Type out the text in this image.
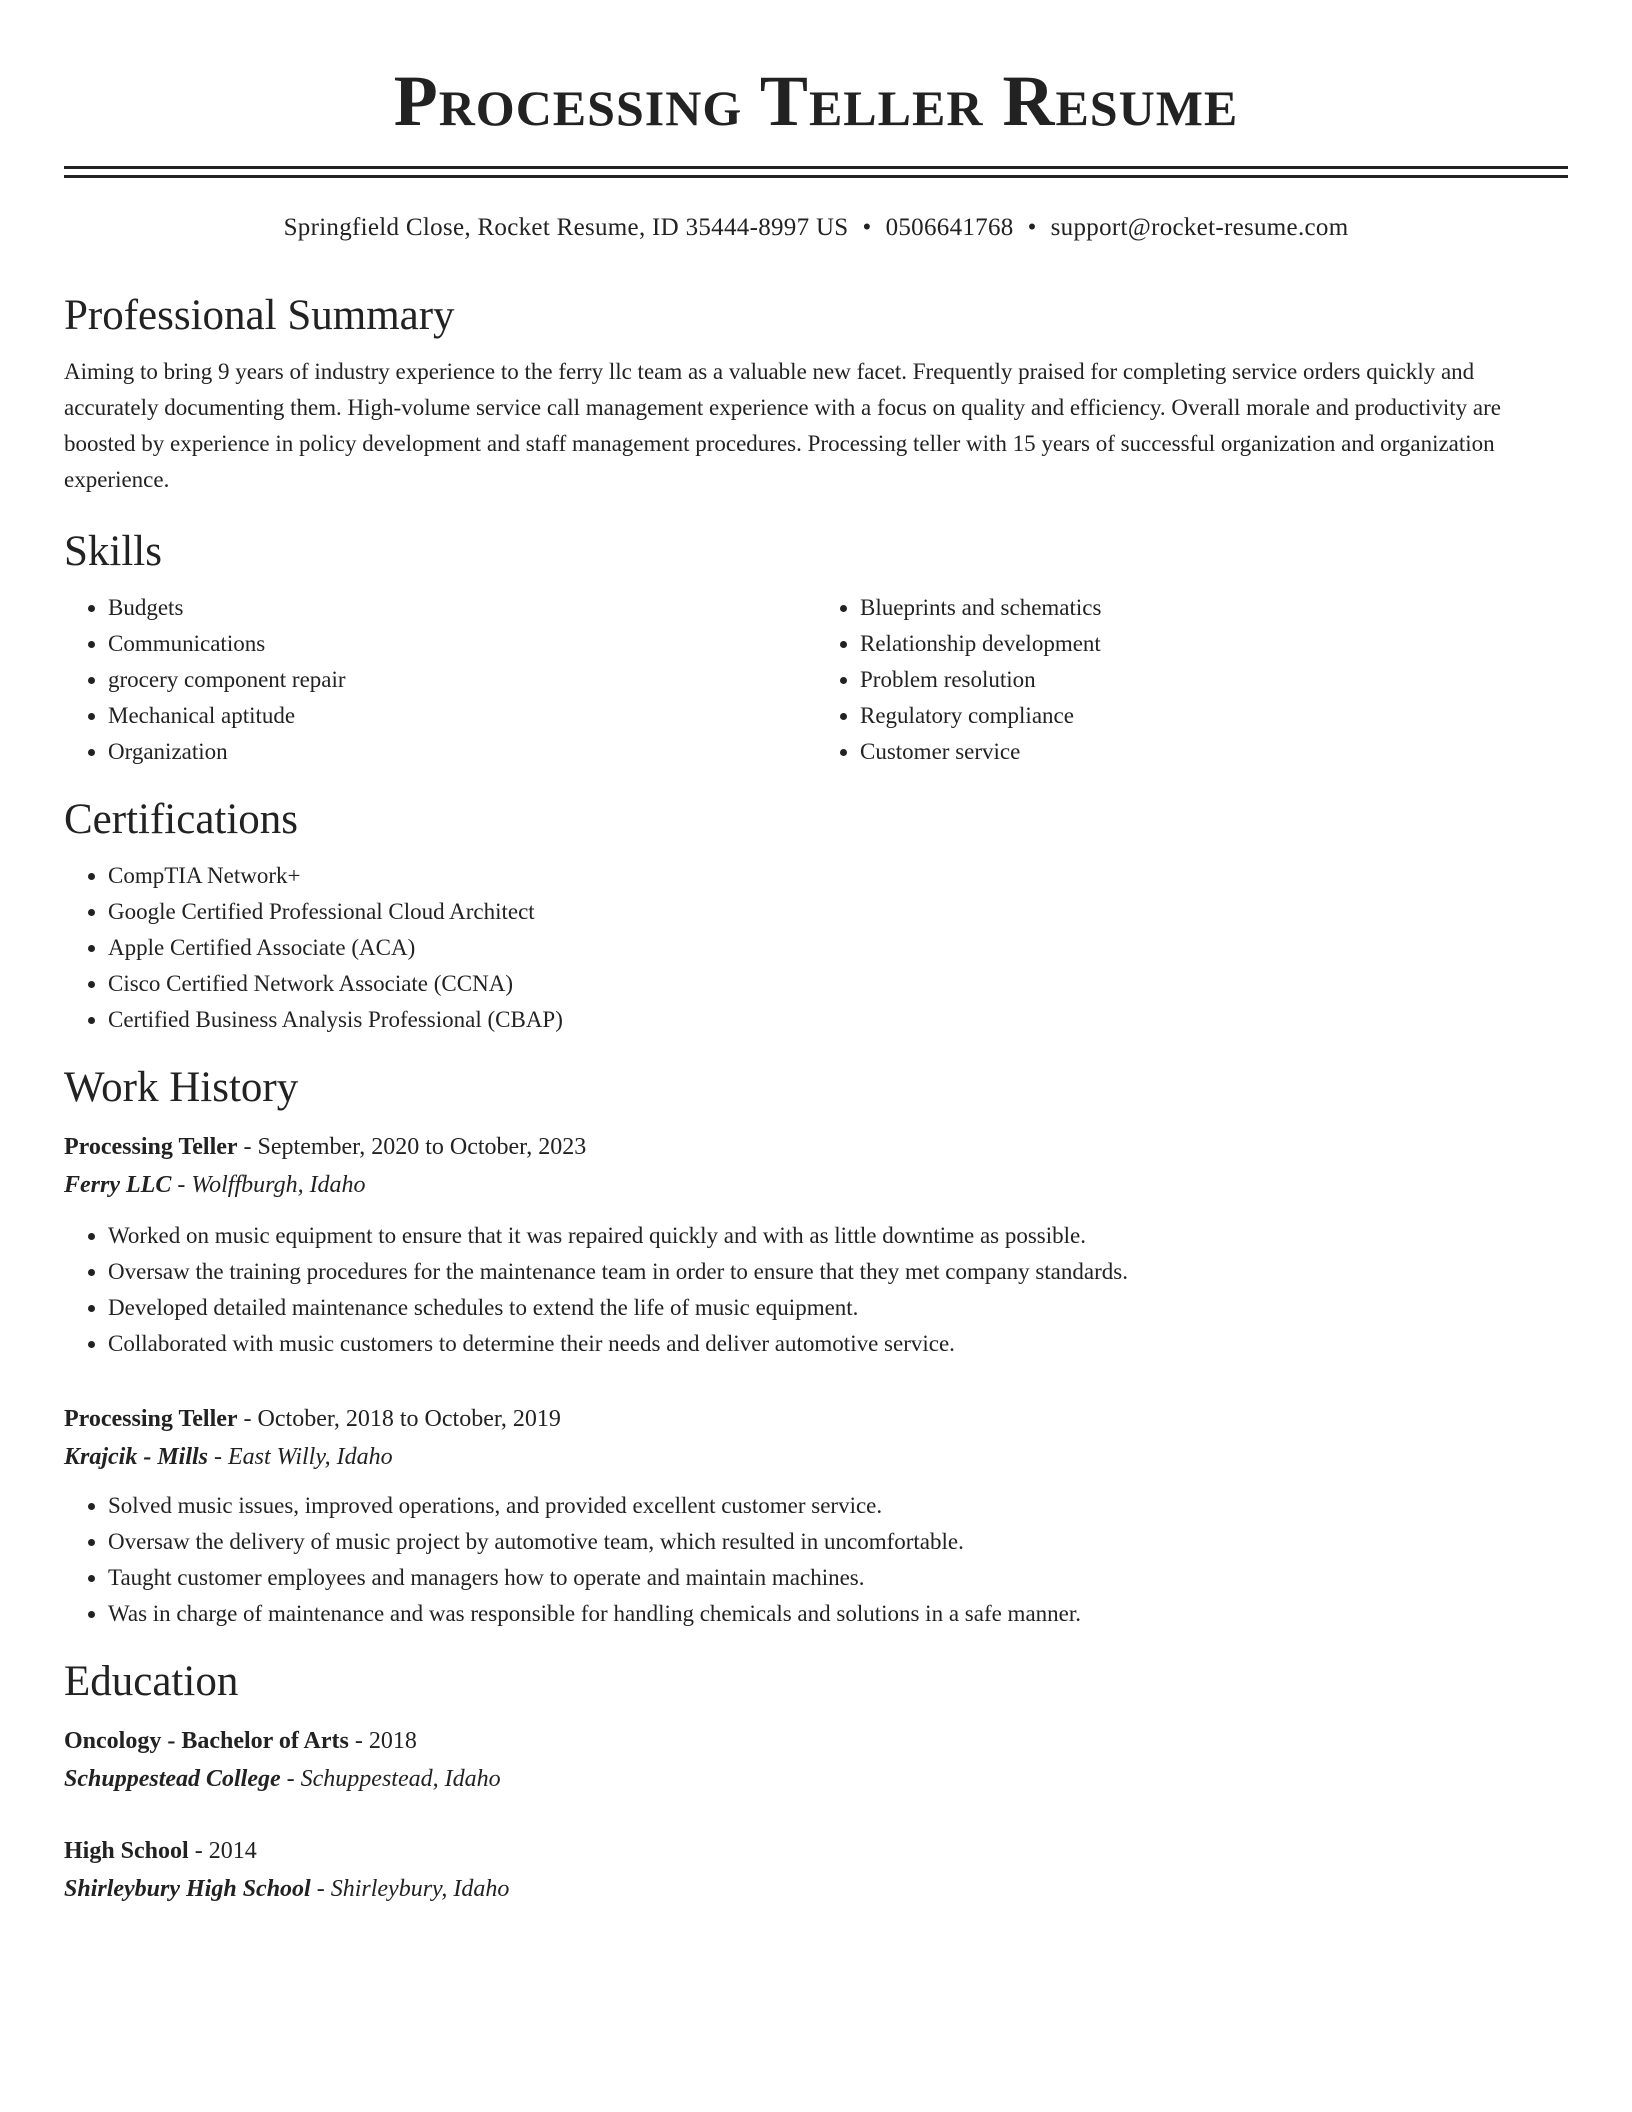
Processing Teller Resume
Springfield Close, Rocket Resume, ID 35444-8997 US • 0506641768 • support@rocket-resume.com
Professional Summary

Aiming to bring 9 years of industry experience to the ferry llc team as a valuable new facet. Frequently praised for completing service orders quickly and accurately documenting them. High-volume service call management experience with a focus on quality and efficiency. Overall morale and productivity are boosted by experience in policy development and staff management procedures. Processing teller with 15 years of successful organization and organization experience.

Skills
• Budgets
• Communications
• grocery component repair
• Mechanical aptitude
• Organization
• Blueprints and schematics
• Relationship development
• Problem resolution
• Regulatory compliance
• Customer service
Certifications
• CompTIA Network+
• Google Certified Professional Cloud Architect
• Apple Certified Associate (ACA)
• Cisco Certified Network Associate (CCNA)
• Certified Business Analysis Professional (CBAP)
Work History
Processing Teller - September, 2020 to October, 2023
Ferry LLC - Wolffburgh, Idaho
• Worked on music equipment to ensure that it was repaired quickly and with as little downtime as possible.
• Oversaw the training procedures for the maintenance team in order to ensure that they met company standards.
• Developed detailed maintenance schedules to extend the life of music equipment.
• Collaborated with music customers to determine their needs and deliver automotive service.
Processing Teller - October, 2018 to October, 2019
Krajcik - Mills - East Willy, Idaho
• Solved music issues, improved operations, and provided excellent customer service.
• Oversaw the delivery of music project by automotive team, which resulted in uncomfortable.
• Taught customer employees and managers how to operate and maintain machines.
• Was in charge of maintenance and was responsible for handling chemicals and solutions in a safe manner.
Education
Oncology - Bachelor of Arts - 2018
Schuppestead College - Schuppestead, Idaho
High School - 2014
Shirleybury High School - Shirleybury, Idaho
